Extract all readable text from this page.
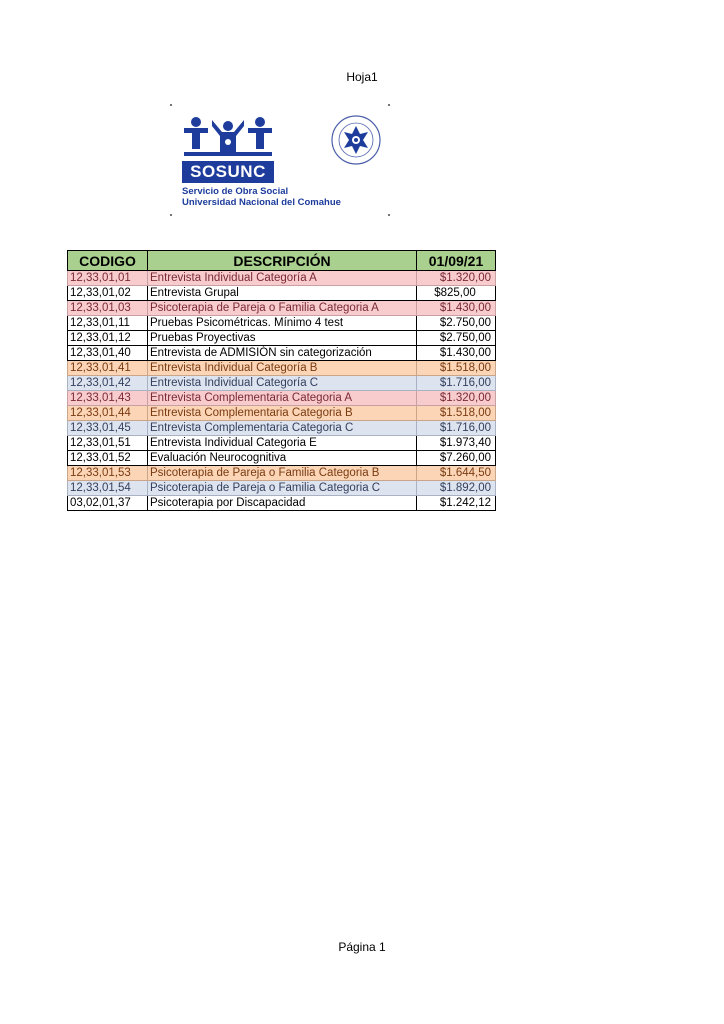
Hoja1
SOSUNC
Servicio de Obra Social
Universidad Nacional del Comahue
CODIGO	DESCRIPCIÓN	01/09/21
12,33,01,01	Entrevista Individual Categoría A	$1.320,00
12,33,01,02	Entrevista Grupal	$825,00
12,33,01,03	Psicoterapia de Pareja o Familia Categoria A	$1.430,00
12,33,01,11	Pruebas Psicométricas. Mínimo 4 test	$2.750,00
12,33,01,12	Pruebas Proyectivas	$2.750,00
12,33,01,40	Entrevista de ADMISIÓN sin categorización	$1.430,00
12,33,01,41	Entrevista Individual Categoría B	$1.518,00
12,33,01,42	Entrevista Individual Categoría C	$1.716,00
12,33,01,43	Entrevista Complementaria Categoria A	$1.320,00
12,33,01,44	Entrevista Complementaria Categoria B	$1.518,00
12,33,01,45	Entrevista Complementaria Categoria C	$1.716,00
12,33,01,51	Entrevista Individual Categoria E	$1.973,40
12,33,01,52	Evaluación Neurocognitiva	$7.260,00
12,33,01,53	Psicoterapia de Pareja o Familia Categoria B	$1.644,50
12,33,01,54	Psicoterapia de Pareja o Familia Categoria C	$1.892,00
03,02,01,37	Psicoterapia por Discapacidad	$1.242,12
Página 1
